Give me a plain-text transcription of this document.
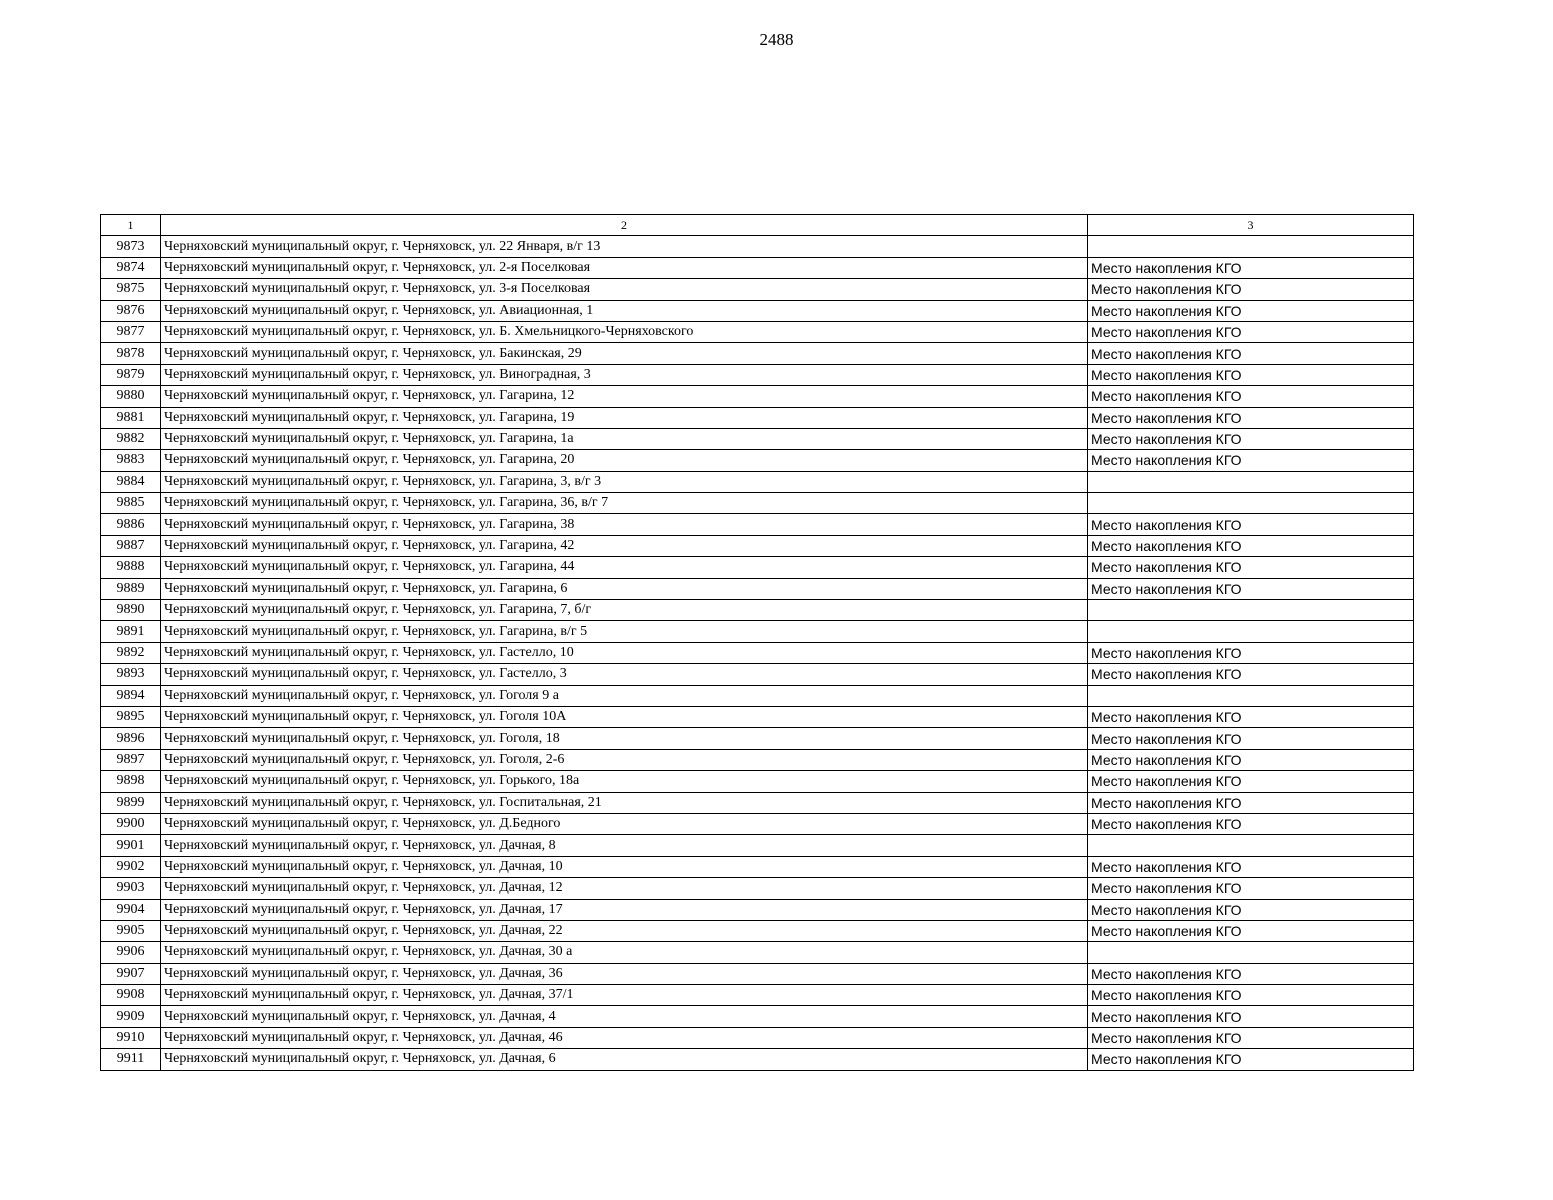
2488
1	2	3
9873	Черняховский муниципальный округ, г. Черняховск, ул. 22 Января, в/г 13	
9874	Черняховский муниципальный округ, г. Черняховск, ул. 2-я Поселковая	Место накопления КГО
9875	Черняховский муниципальный округ, г. Черняховск, ул. 3-я Поселковая	Место накопления КГО
9876	Черняховский муниципальный округ, г. Черняховск, ул. Авиационная, 1	Место накопления КГО
9877	Черняховский муниципальный округ, г. Черняховск, ул. Б. Хмельницкого-Черняховского	Место накопления КГО
9878	Черняховский муниципальный округ, г. Черняховск, ул. Бакинская, 29	Место накопления КГО
9879	Черняховский муниципальный округ, г. Черняховск, ул. Виноградная, 3	Место накопления КГО
9880	Черняховский муниципальный округ, г. Черняховск, ул. Гагарина, 12	Место накопления КГО
9881	Черняховский муниципальный округ, г. Черняховск, ул. Гагарина, 19	Место накопления КГО
9882	Черняховский муниципальный округ, г. Черняховск, ул. Гагарина, 1а	Место накопления КГО
9883	Черняховский муниципальный округ, г. Черняховск, ул. Гагарина, 20	Место накопления КГО
9884	Черняховский муниципальный округ, г. Черняховск, ул. Гагарина, 3, в/г 3	
9885	Черняховский муниципальный округ, г. Черняховск, ул. Гагарина, 36, в/г 7	
9886	Черняховский муниципальный округ, г. Черняховск, ул. Гагарина, 38	Место накопления КГО
9887	Черняховский муниципальный округ, г. Черняховск, ул. Гагарина, 42	Место накопления КГО
9888	Черняховский муниципальный округ, г. Черняховск, ул. Гагарина, 44	Место накопления КГО
9889	Черняховский муниципальный округ, г. Черняховск, ул. Гагарина, 6	Место накопления КГО
9890	Черняховский муниципальный округ, г. Черняховск, ул. Гагарина, 7, б/г	
9891	Черняховский муниципальный округ, г. Черняховск, ул. Гагарина, в/г 5	
9892	Черняховский муниципальный округ, г. Черняховск, ул. Гастелло, 10	Место накопления КГО
9893	Черняховский муниципальный округ, г. Черняховск, ул. Гастелло, 3	Место накопления КГО
9894	Черняховский муниципальный округ, г. Черняховск, ул. Гоголя 9 а	
9895	Черняховский муниципальный округ, г. Черняховск, ул. Гоголя 10А	Место накопления КГО
9896	Черняховский муниципальный округ, г. Черняховск, ул. Гоголя, 18	Место накопления КГО
9897	Черняховский муниципальный округ, г. Черняховск, ул. Гоголя, 2-6	Место накопления КГО
9898	Черняховский муниципальный округ, г. Черняховск, ул. Горького, 18а	Место накопления КГО
9899	Черняховский муниципальный округ, г. Черняховск, ул. Госпитальная, 21	Место накопления КГО
9900	Черняховский муниципальный округ, г. Черняховск, ул. Д.Бедного	Место накопления КГО
9901	Черняховский муниципальный округ, г. Черняховск, ул. Дачная, 8	
9902	Черняховский муниципальный округ, г. Черняховск, ул. Дачная, 10	Место накопления КГО
9903	Черняховский муниципальный округ, г. Черняховск, ул. Дачная, 12	Место накопления КГО
9904	Черняховский муниципальный округ, г. Черняховск, ул. Дачная, 17	Место накопления КГО
9905	Черняховский муниципальный округ, г. Черняховск, ул. Дачная, 22	Место накопления КГО
9906	Черняховский муниципальный округ, г. Черняховск, ул. Дачная, 30 а	
9907	Черняховский муниципальный округ, г. Черняховск, ул. Дачная, 36	Место накопления КГО
9908	Черняховский муниципальный округ, г. Черняховск, ул. Дачная, 37/1	Место накопления КГО
9909	Черняховский муниципальный округ, г. Черняховск, ул. Дачная, 4	Место накопления КГО
9910	Черняховский муниципальный округ, г. Черняховск, ул. Дачная, 46	Место накопления КГО
9911	Черняховский муниципальный округ, г. Черняховск, ул. Дачная, 6	Место накопления КГО
